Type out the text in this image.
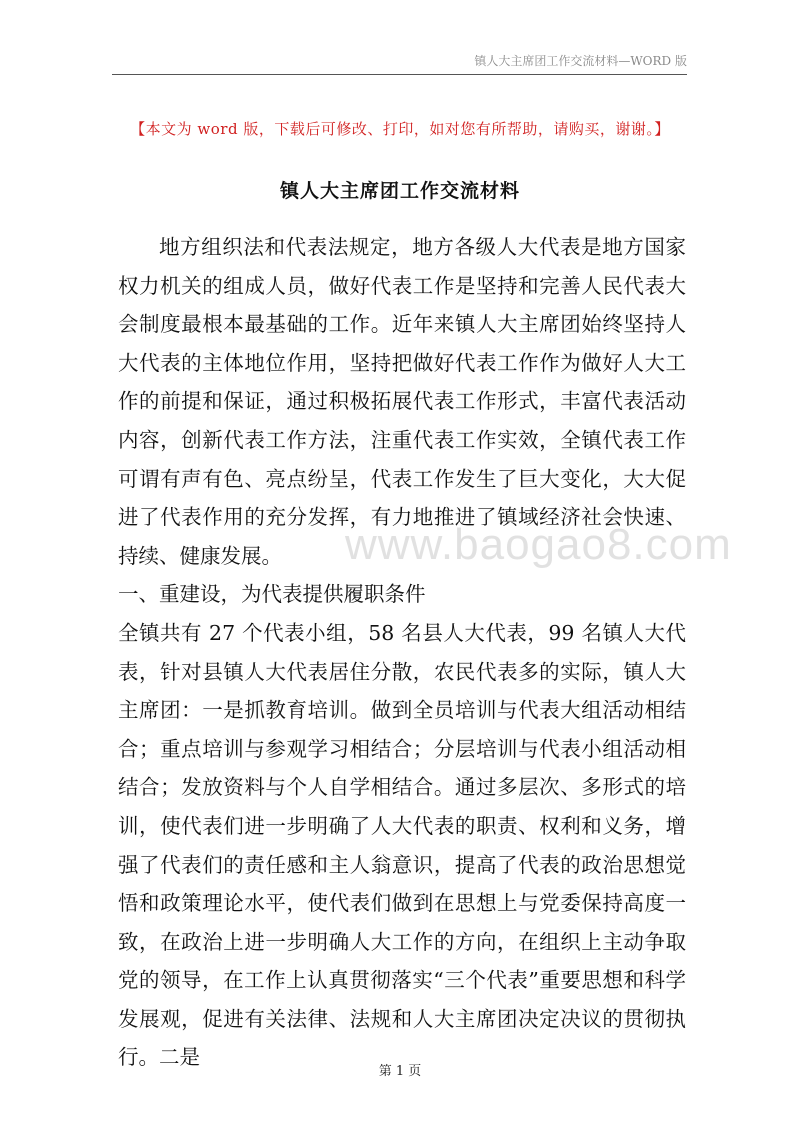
镇人大主席团工作交流材料—WORD 版
【本文为 word 版，下载后可修改、打印，如对您有所帮助，请购买，谢谢。】
镇人大主席团工作交流材料
www.baogao8.com

地方组织法和代表法规定，地方各级人大代表是地方国家权力机关的组成人员，做好代表工作是坚持和完善人民代表大会制度最根本最基础的工作。近年来镇人大主席团始终坚持人大代表的主体地位作用，坚持把做好代表工作作为做好人大工作的前提和保证，通过积极拓展代表工作形式，丰富代表活动内容，创新代表工作方法，注重代表工作实效，全镇代表工作可谓有声有色、亮点纷呈，代表工作发生了巨大变化，大大促进了代表作用的充分发挥，有力地推进了镇域经济社会快速、持续、健康发展。

一、重建设，为代表提供履职条件

全镇共有 27 个代表小组，58 名县人大代表，99 名镇人大代表，针对县镇人大代表居住分散，农民代表多的实际，镇人大主席团：一是抓教育培训。做到全员培训与代表大组活动相结合；重点培训与参观学习相结合；分层培训与代表小组活动相结合；发放资料与个人自学相结合。通过多层次、多形式的培训，使代表们进一步明确了人大代表的职责、权利和义务，增强了代表们的责任感和主人翁意识，提高了代表的政治思想觉悟和政策理论水平，使代表们做到在思想上与党委保持高度一致，在政治上进一步明确人大工作的方向，在组织上主动争取党的领导，在工作上认真贯彻落实“三个代表”重要思想和科学发展观，促进有关法律、法规和人大主席团决定决议的贯彻执行。二是

第 1 页
